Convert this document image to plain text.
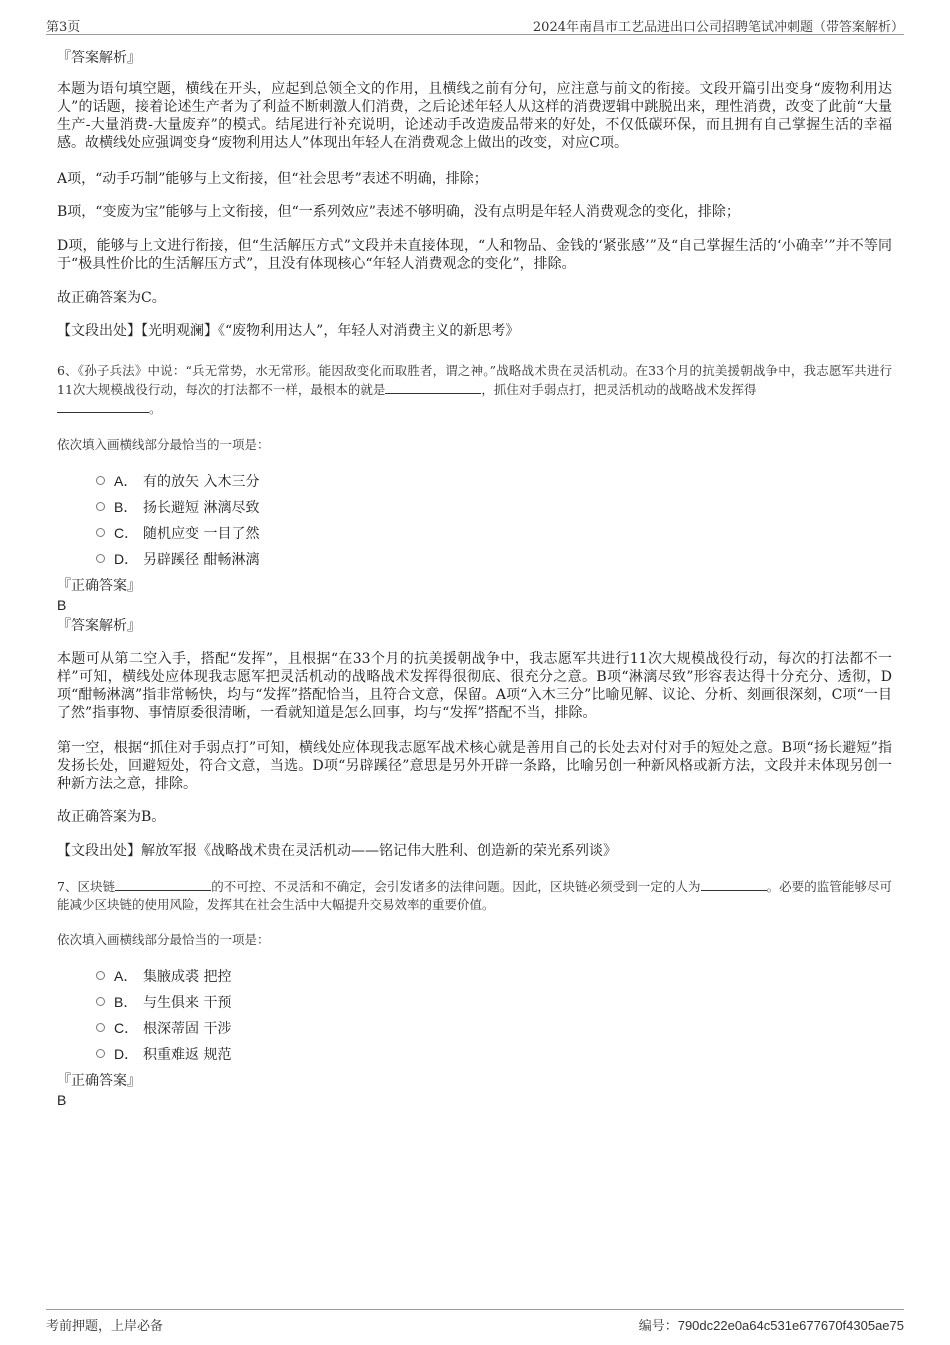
第3页	2024年南昌市工艺品进出口公司招聘笔试冲刺题（带答案解析）
『答案解析』

本题为语句填空题，横线在开头，应起到总领全文的作用，且横线之前有分句，应注意与前文的衔接。文段开篇引出变身“废物利用达人”的话题，接着论述生产者为了利益不断刺激人们消费，之后论述年轻人从这样的消费逻辑中跳脱出来，理性消费，改变了此前“大量生产-大量消费-大量废弃”的模式。结尾进行补充说明，论述动手改造废品带来的好处，不仅低碳环保，而且拥有自己掌握生活的幸福感。故横线处应强调变身“废物利用达人”体现出年轻人在消费观念上做出的改变，对应C项。

A项，“动手巧制”能够与上文衔接，但“社会思考”表述不明确，排除；

B项，“变废为宝”能够与上文衔接，但“一系列效应”表述不够明确，没有点明是年轻人消费观念的变化，排除；

D项，能够与上文进行衔接，但“生活解压方式”文段并未直接体现，“人和物品、金钱的‘紧张感’”及“自己掌握生活的‘小确幸’”并不等同于“极具性价比的生活解压方式”，且没有体现核心“年轻人消费观念的变化”，排除。

故正确答案为C。

【文段出处】【光明观澜】《“废物利用达人”，年轻人对消费主义的新思考》

6、《孙子兵法》中说：“兵无常势，水无常形。能因敌变化而取胜者，谓之神。”战略战术贵在灵活机动。在33个月的抗美援朝战争中，我志愿军共进行11次大规模战役行动，每次的打法都不一样，最根本的就是	，抓住对手弱点打，把灵活机动的战略战术发挥得
。

依次填入画横线部分最恰当的一项是：

A． 有的放矢 入木三分
B． 扬长避短 淋漓尽致
C． 随机应变 一目了然
D． 另辟蹊径 酣畅淋漓
『正确答案』
B
『答案解析』

本题可从第二空入手，搭配“发挥”，且根据“在33个月的抗美援朝战争中，我志愿军共进行11次大规模战役行动，每次的打法都不一样”可知，横线处应体现我志愿军把灵活机动的战略战术发挥得很彻底、很充分之意。B项“淋漓尽致”形容表达得十分充分、透彻，D项“酣畅淋漓”指非常畅快，均与“发挥”搭配恰当，且符合文意，保留。A项“入木三分”比喻见解、议论、分析、刻画很深刻，C项“一目了然”指事物、事情原委很清晰，一看就知道是怎么回事，均与“发挥”搭配不当，排除。

第一空，根据“抓住对手弱点打”可知，横线处应体现我志愿军战术核心就是善用自己的长处去对付对手的短处之意。B项“扬长避短”指发扬长处，回避短处，符合文意，当选。D项“另辟蹊径”意思是另外开辟一条路，比喻另创一种新风格或新方法，文段并未体现另创一种新方法之意，排除。

故正确答案为B。

【文段出处】解放军报《战略战术贵在灵活机动——铭记伟大胜利、创造新的荣光系列谈》

7、区块链	的不可控、不灵活和不确定，会引发诸多的法律问题。因此，区块链必须受到一定的人为	。必要的监管能够尽可能减少区块链的使用风险，发挥其在社会生活中大幅提升交易效率的重要价值。

依次填入画横线部分最恰当的一项是：

A． 集腋成裘 把控
B． 与生俱来 干预
C． 根深蒂固 干涉
D． 积重难返 规范
『正确答案』
B
考前押题，上岸必备	编号：790dc22e0a64c531e677670f4305ae75
